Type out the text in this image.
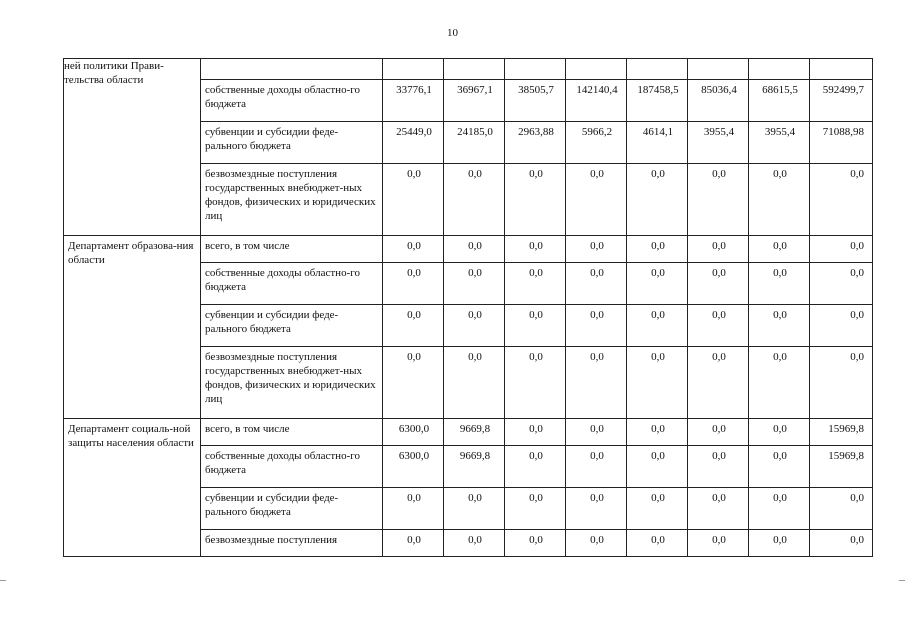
10
ней политики Прави-тельства области									
	собственные доходы областно-го бюджета	33776,1	36967,1	38505,7	142140,4	187458,5	85036,4	68615,5	592499,7
	субвенции и субсидии феде-рального бюджета	25449,0	24185,0	2963,88	5966,2	4614,1	3955,4	3955,4	71088,98
	безвозмездные поступления государственных внебюджет-ных фондов, физических и юридических лиц	0,0	0,0	0,0	0,0	0,0	0,0	0,0	0,0
Департамент образова-ния области	всего, в том числе	0,0	0,0	0,0	0,0	0,0	0,0	0,0	0,0
	собственные доходы областно-го бюджета	0,0	0,0	0,0	0,0	0,0	0,0	0,0	0,0
	субвенции и субсидии феде-рального бюджета	0,0	0,0	0,0	0,0	0,0	0,0	0,0	0,0
	безвозмездные поступления государственных внебюджет-ных фондов, физических и юридических лиц	0,0	0,0	0,0	0,0	0,0	0,0	0,0	0,0
Департамент социаль-ной защиты населения области	всего, в том числе	6300,0	9669,8	0,0	0,0	0,0	0,0	0,0	15969,8
	собственные доходы областно-го бюджета	6300,0	9669,8	0,0	0,0	0,0	0,0	0,0	15969,8
	субвенции и субсидии феде-рального бюджета	0,0	0,0	0,0	0,0	0,0	0,0	0,0	0,0
	безвозмездные поступления	0,0	0,0	0,0	0,0	0,0	0,0	0,0	0,0
